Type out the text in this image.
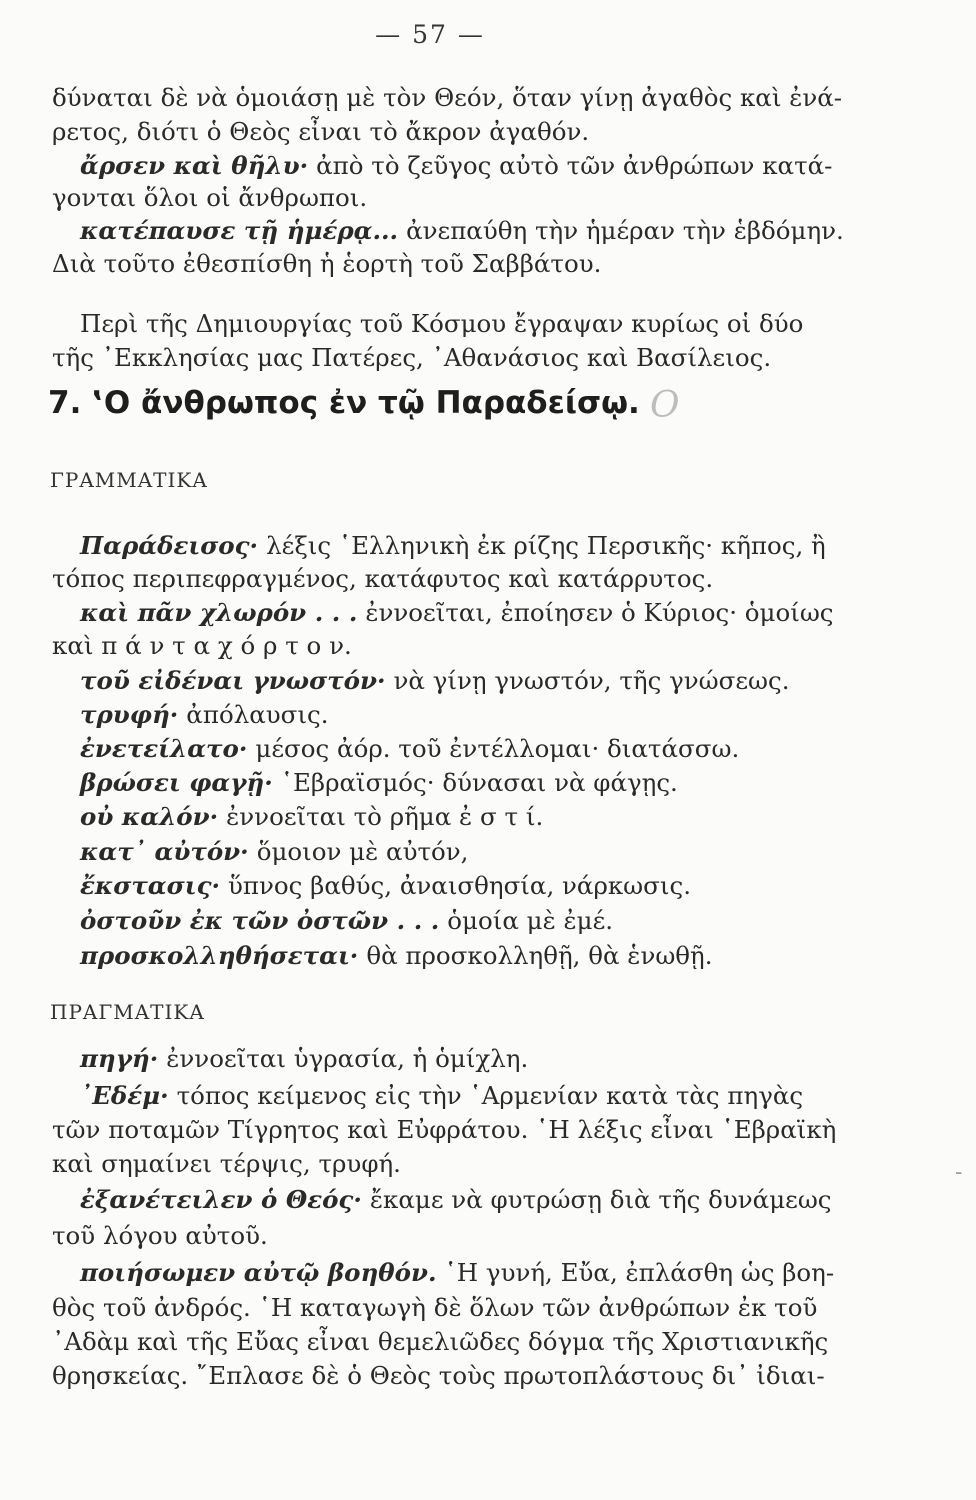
— 57 —
δύναται δὲ νὰ ὁμοιάσῃ μὲ τὸν Θεόν, ὅταν γίνῃ ἀγαθὸς καὶ ἐνά-
ρετος, διότι ὁ Θεὸς εἶναι τὸ ἄκρον ἀγαθόν.
ἄρσεν καὶ θῆλυ· ἀπὸ τὸ ζεῦγος αὐτὸ τῶν ἀνθρώπων κατά-
γονται ὅλοι οἱ ἄνθρωποι.
κατέπαυσε τῇ ἡμέρᾳ... ἀνεπαύθη τὴν ἡμέραν τὴν ἑβδόμην.
Διὰ τοῦτο ἐθεσπίσθη ἡ ἑορτὴ τοῦ Σαββάτου.
Περὶ τῆς Δημιουργίας τοῦ Κόσμου ἔγραψαν κυρίως οἱ δύο
τῆς ᾿Εκκλησίας μας Πατέρες, ᾿Αθανάσιος καὶ Βασίλειος.
7. ‛Ο ἄνθρωπος ἐν τῷ Παραδείσῳ. O
ΓΡΑΜΜΑΤΙΚΑ
Παράδεισος· λέξις ῾Ελληνικὴ ἐκ ρίζης Περσικῆς· κῆπος, ἢ
τόπος περιπεφραγμένος, κατάφυτος καὶ κατάρρυτος.
καὶ πᾶν χλωρόν . . . ἐννοεῖται, ἐποίησεν ὁ Κύριος· ὁμοίως
καὶ π ά ν τ α χ ό ρ τ ο ν.
τοῦ εἰδέναι γνωστόν· νὰ γίνῃ γνωστόν, τῆς γνώσεως.
τρυφή· ἀπόλαυσις.
ἐνετείλατο· μέσος ἀόρ. τοῦ ἐντέλλομαι· διατάσσω.
βρώσει φαγῇ· ῾Εβραϊσμός· δύνασαι νὰ φάγῃς.
οὐ καλόν· ἐννοεῖται τὸ ρῆμα ἐ σ τ ί.
κατ᾿ αὐτόν· ὅμοιον μὲ αὐτόν,
ἔκστασις· ὕπνος βαθύς, ἀναισθησία, νάρκωσις.
ὀστοῦν ἐκ τῶν ὀστῶν . . . ὁμοία μὲ ἐμέ.
προσκολληθήσεται· θὰ προσκολληθῇ, θὰ ἑνωθῇ.
ΠΡΑΓΜΑΤΙΚΑ
πηγή· ἐννοεῖται ὑγρασία, ἡ ὁμίχλη.
᾿Εδέμ· τόπος κείμενος εἰς τὴν ῾Αρμενίαν κατὰ τὰς πηγὰς
τῶν ποταμῶν Τίγρητος καὶ Εὐφράτου. ῾Η λέξις εἶναι ῾Εβραϊκὴ
καὶ σημαίνει τέρψις, τρυφή.
ἐξανέτειλεν ὁ Θεός· ἔκαμε νὰ φυτρώσῃ διὰ τῆς δυνάμεως
τοῦ λόγου αὐτοῦ.
ποιήσωμεν αὐτῷ βοηθόν. ῾Η γυνή, Εὔα, ἐπλάσθη ὡς βοη-
θὸς τοῦ ἀνδρός. ῾Η καταγωγὴ δὲ ὅλων τῶν ἀνθρώπων ἐκ τοῦ
᾿Αδὰμ καὶ τῆς Εὔας εἶναι θεμελιῶδες δόγμα τῆς Χριστιανικῆς
θρησκείας. ῎Επλασε δὲ ὁ Θεὸς τοὺς πρωτοπλάστους δι᾿ ἰδιαι-
-
